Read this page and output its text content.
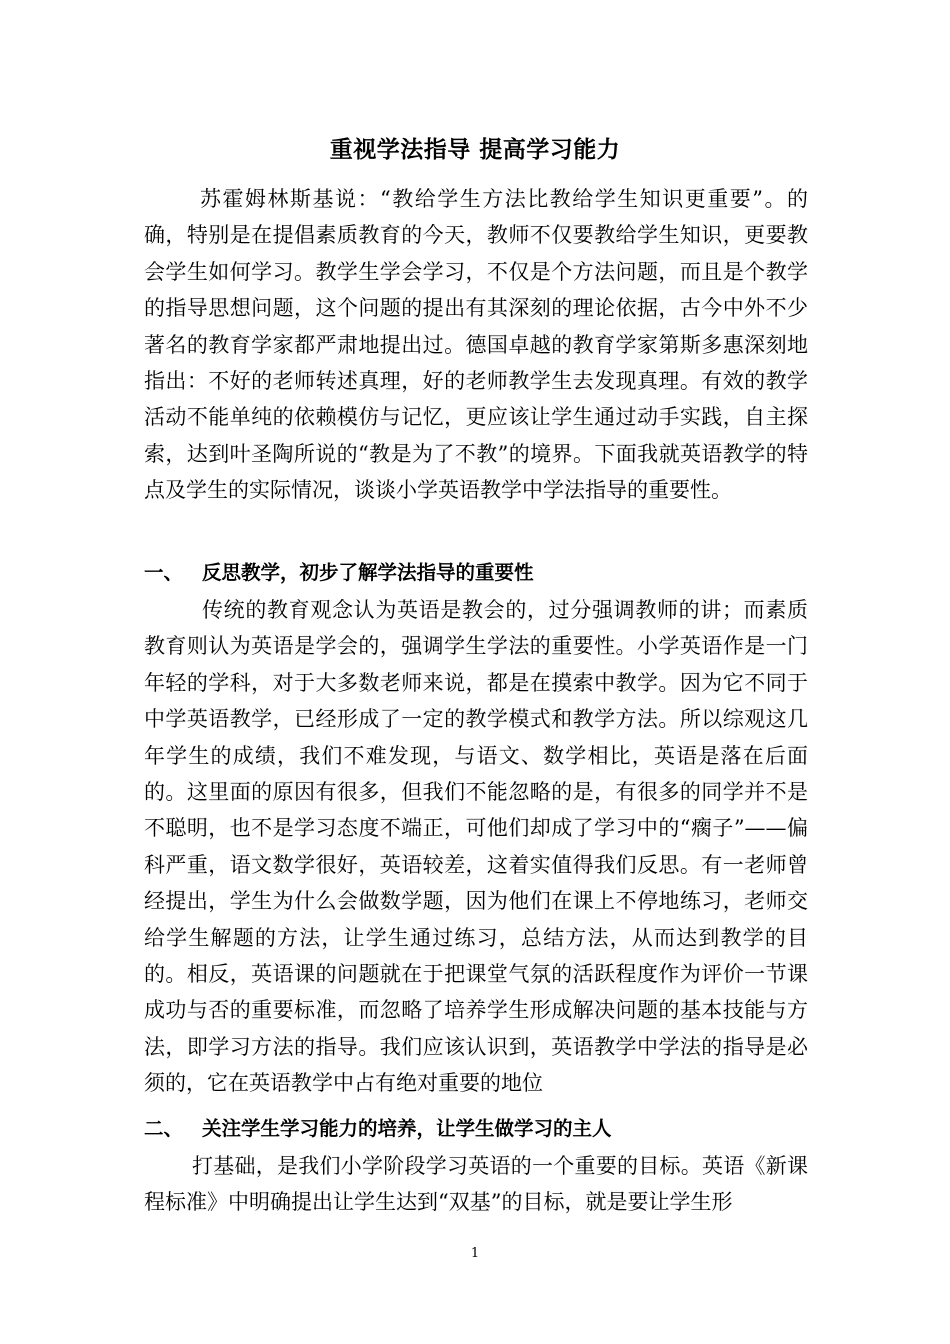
重视学法指导 提高学习能力

苏霍姆林斯基说：“教给学生方法比教给学生知识更重要”。的确，特别是在提倡素质教育的今天，教师不仅要教给学生知识，更要教会学生如何学习。教学生学会学习，不仅是个方法问题，而且是个教学的指导思想问题，这个问题的提出有其深刻的理论依据，古今中外不少著名的教育学家都严肃地提出过。德国卓越的教育学家第斯多惠深刻地指出：不好的老师转述真理，好的老师教学生去发现真理。有效的教学活动不能单纯的依赖模仿与记忆，更应该让学生通过动手实践，自主探索，达到叶圣陶所说的“教是为了不教”的境界。下面我就英语教学的特点及学生的实际情况，谈谈小学英语教学中学法指导的重要性。

一、 反思教学，初步了解学法指导的重要性

传统的教育观念认为英语是教会的，过分强调教师的讲；而素质教育则认为英语是学会的，强调学生学法的重要性。小学英语作是一门年轻的学科，对于大多数老师来说，都是在摸索中教学。因为它不同于中学英语教学，已经形成了一定的教学模式和教学方法。所以综观这几年学生的成绩，我们不难发现，与语文、数学相比，英语是落在后面的。这里面的原因有很多，但我们不能忽略的是，有很多的同学并不是不聪明，也不是学习态度不端正，可他们却成了学习中的“瘸子”——偏科严重，语文数学很好，英语较差，这着实值得我们反思。有一老师曾经提出，学生为什么会做数学题，因为他们在课上不停地练习，老师交给学生解题的方法，让学生通过练习，总结方法，从而达到教学的目的。相反，英语课的问题就在于把课堂气氛的活跃程度作为评价一节课成功与否的重要标准，而忽略了培养学生形成解决问题的基本技能与方法，即学习方法的指导。我们应该认识到，英语教学中学法的指导是必须的，它在英语教学中占有绝对重要的地位

二、 关注学生学习能力的培养，让学生做学习的主人

打基础，是我们小学阶段学习英语的一个重要的目标。英语《新课程标准》中明确提出让学生达到“双基”的目标，就是要让学生形

1
